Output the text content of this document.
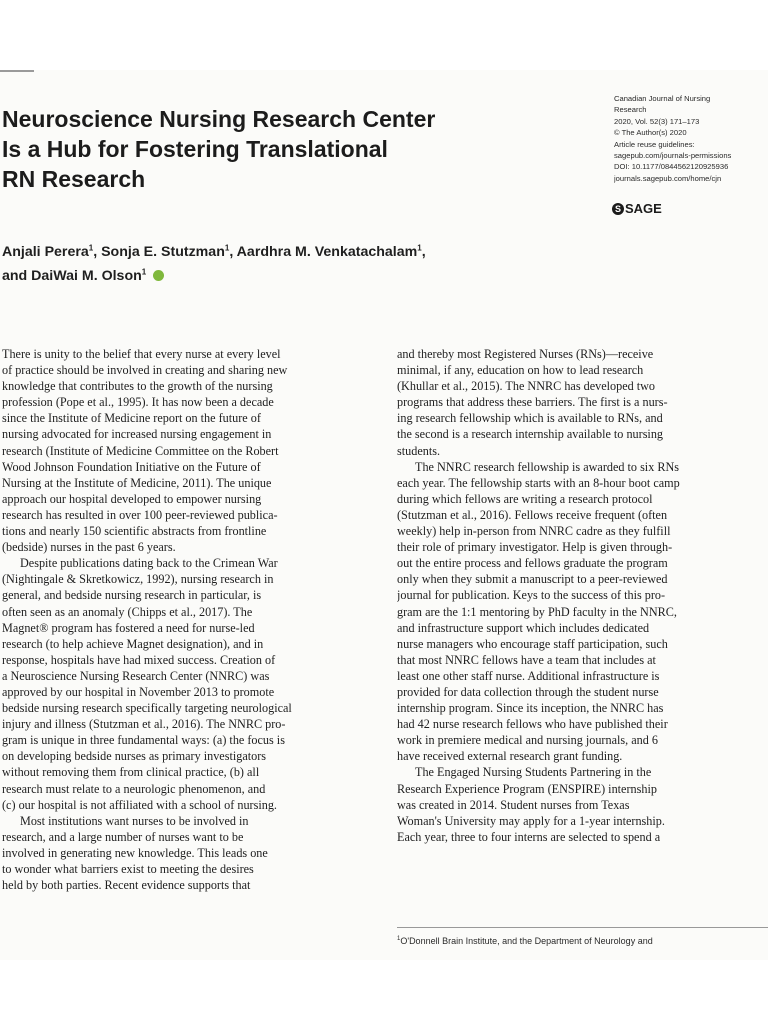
Neuroscience Nursing Research Center
Is a Hub for Fostering Translational
RN Research
Canadian Journal of Nursing
Research
2020, Vol. 52(3) 171–173
© The Author(s) 2020
Article reuse guidelines:
sagepub.com/journals-permissions
DOI: 10.1177/0844562120925936
journals.sagepub.com/home/cjn
S SAGE
Anjali Perera$^1$, Sonja E. Stutzman$^1$, Aardhra M. Venkatachalam$^1$,
and DaiWai M. Olson$^1$
There is unity to the belief that every nurse at every level
of practice should be involved in creating and sharing new
knowledge that contributes to the growth of the nursing
profession (Pope et al., 1995). It has now been a decade
since the Institute of Medicine report on the future of
nursing advocated for increased nursing engagement in
research (Institute of Medicine Committee on the Robert
Wood Johnson Foundation Initiative on the Future of
Nursing at the Institute of Medicine, 2011). The unique
approach our hospital developed to empower nursing
research has resulted in over 100 peer-reviewed publica-
tions and nearly 150 scientific abstracts from frontline
(bedside) nurses in the past 6 years.
Despite publications dating back to the Crimean War
(Nightingale & Skretkowicz, 1992), nursing research in
general, and bedside nursing research in particular, is
often seen as an anomaly (Chipps et al., 2017). The
Magnet® program has fostered a need for nurse-led
research (to help achieve Magnet designation), and in
response, hospitals have had mixed success. Creation of
a Neuroscience Nursing Research Center (NNRC) was
approved by our hospital in November 2013 to promote
bedside nursing research specifically targeting neurological
injury and illness (Stutzman et al., 2016). The NNRC pro-
gram is unique in three fundamental ways: (a) the focus is
on developing bedside nurses as primary investigators
without removing them from clinical practice, (b) all
research must relate to a neurologic phenomenon, and
(c) our hospital is not affiliated with a school of nursing.
Most institutions want nurses to be involved in
research, and a large number of nurses want to be
involved in generating new knowledge. This leads one
to wonder what barriers exist to meeting the desires
held by both parties. Recent evidence supports that
and thereby most Registered Nurses (RNs)—receive
minimal, if any, education on how to lead research
(Khullar et al., 2015). The NNRC has developed two
programs that address these barriers. The first is a nurs-
ing research fellowship which is available to RNs, and
the second is a research internship available to nursing
students.
The NNRC research fellowship is awarded to six RNs
each year. The fellowship starts with an 8-hour boot camp
during which fellows are writing a research protocol
(Stutzman et al., 2016). Fellows receive frequent (often
weekly) help in-person from NNRC cadre as they fulfill
their role of primary investigator. Help is given through-
out the entire process and fellows graduate the program
only when they submit a manuscript to a peer-reviewed
journal for publication. Keys to the success of this pro-
gram are the 1:1 mentoring by PhD faculty in the NNRC,
and infrastructure support which includes dedicated
nurse managers who encourage staff participation, such
that most NNRC fellows have a team that includes at
least one other staff nurse. Additional infrastructure is
provided for data collection through the student nurse
internship program. Since its inception, the NNRC has
had 42 nurse research fellows who have published their
work in premiere medical and nursing journals, and 6
have received external research grant funding.
The Engaged Nursing Students Partnering in the
Research Experience Program (ENSPIRE) internship
was created in 2014. Student nurses from Texas
Woman's University may apply for a 1-year internship.
Each year, three to four interns are selected to spend a
$^1$O'Donnell Brain Institute, and the Department of Neurology and
